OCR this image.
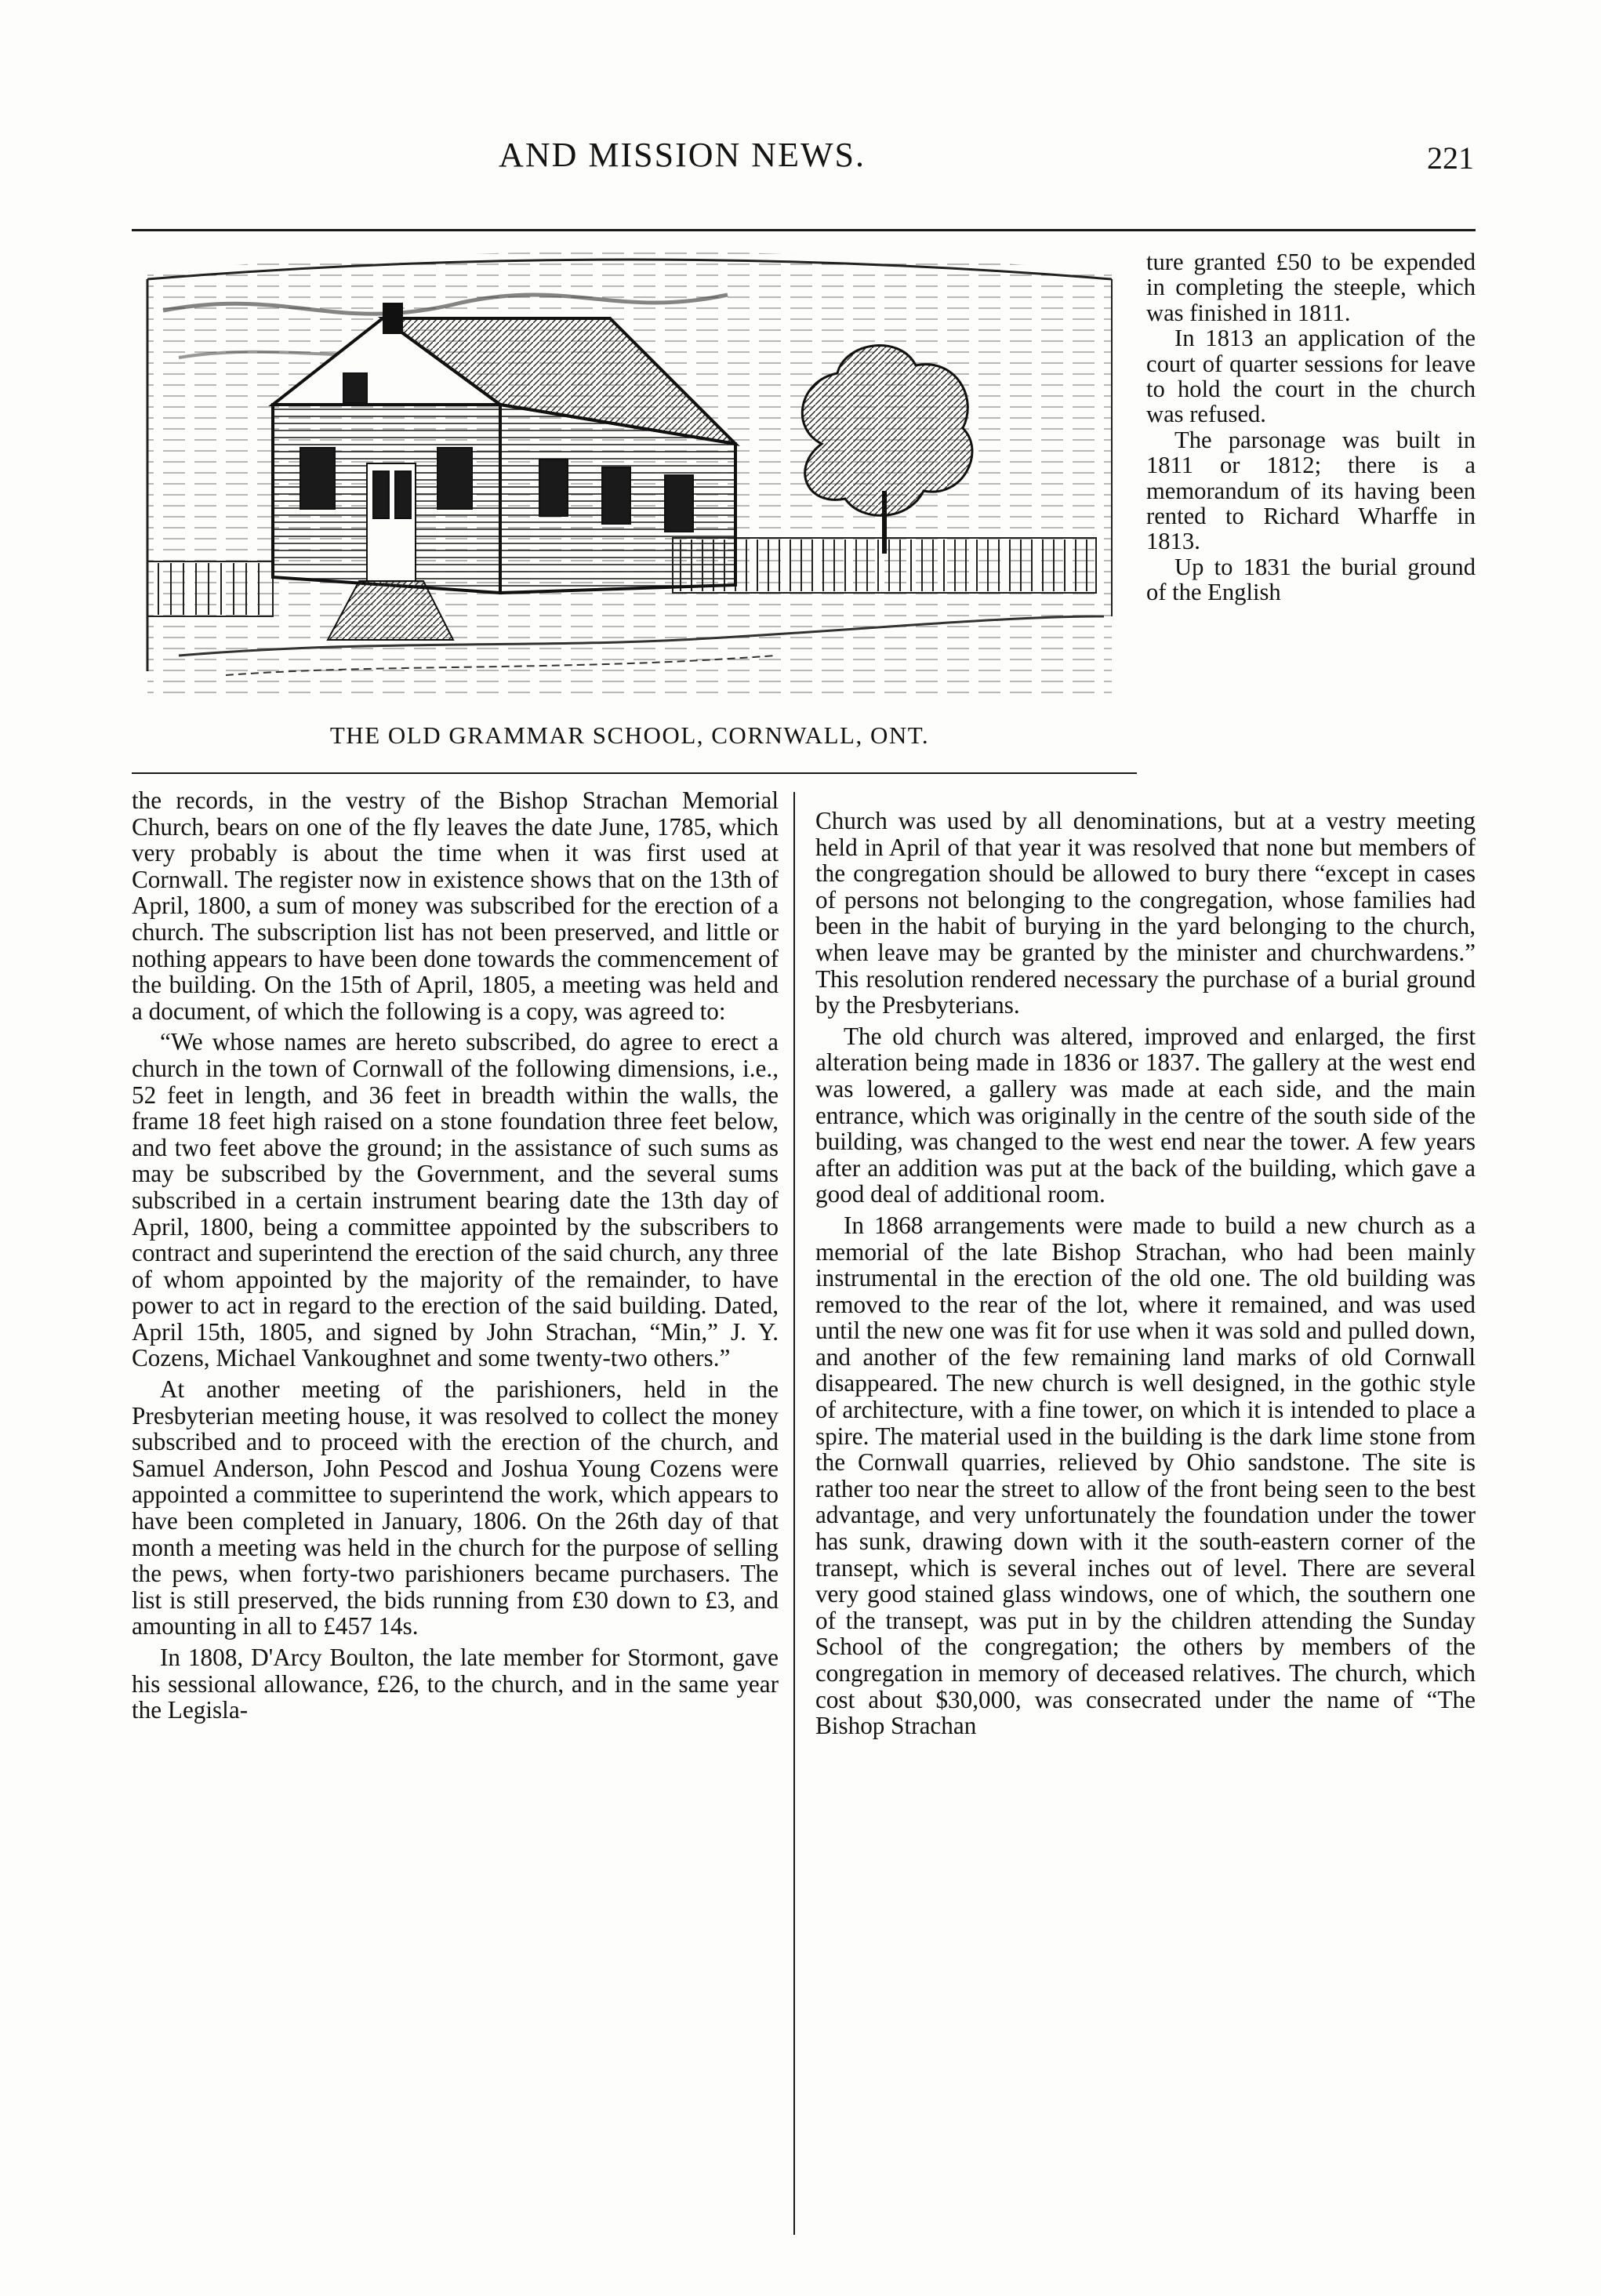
AND MISSION NEWS.	221
THE OLD GRAMMAR SCHOOL, CORNWALL, ONT.

ture granted £50 to be expended in completing the steeple, which was finished in 1811.

In 1813 an application of the court of quarter sessions for leave to hold the court in the church was refused.

The parsonage was built in 1811 or 1812; there is a memorandum of its having been rented to Richard Wharffe in 1813.

Up to 1831 the burial ground of the English

the records, in the vestry of the Bishop Strachan Memorial Church, bears on one of the fly leaves the date June, 1785, which very probably is about the time when it was first used at Cornwall. The register now in existence shows that on the 13th of April, 1800, a sum of money was subscribed for the erection of a church. The subscription list has not been preserved, and little or nothing appears to have been done towards the commencement of the building. On the 15th of April, 1805, a meeting was held and a document, of which the following is a copy, was agreed to:

“We whose names are hereto subscribed, do agree to erect a church in the town of Cornwall of the following dimensions, i.e., 52 feet in length, and 36 feet in breadth within the walls, the frame 18 feet high raised on a stone foundation three feet below, and two feet above the ground; in the assistance of such sums as may be subscribed by the Government, and the several sums subscribed in a certain instrument bearing date the 13th day of April, 1800, being a committee appointed by the subscribers to contract and superintend the erection of the said church, any three of whom appointed by the majority of the remainder, to have power to act in regard to the erection of the said building. Dated, April 15th, 1805, and signed by John Strachan, “Min,” J. Y. Cozens, Michael Vankoughnet and some twenty-two others.”

At another meeting of the parishioners, held in the Presbyterian meeting house, it was resolved to collect the money subscribed and to proceed with the erection of the church, and Samuel Anderson, John Pescod and Joshua Young Cozens were appointed a committee to superintend the work, which appears to have been completed in January, 1806. On the 26th day of that month a meeting was held in the church for the purpose of selling the pews, when forty-two parishioners became purchasers. The list is still preserved, the bids running from £30 down to £3, and amounting in all to £457 14s.

In 1808, D'Arcy Boulton, the late member for Stormont, gave his sessional allowance, £26, to the church, and in the same year the Legisla-

Church was used by all denominations, but at a vestry meeting held in April of that year it was resolved that none but members of the congregation should be allowed to bury there “except in cases of persons not belonging to the congregation, whose families had been in the habit of burying in the yard belonging to the church, when leave may be granted by the minister and churchwardens.” This resolution rendered necessary the purchase of a burial ground by the Presbyterians.

The old church was altered, improved and enlarged, the first alteration being made in 1836 or 1837. The gallery at the west end was lowered, a gallery was made at each side, and the main entrance, which was originally in the centre of the south side of the building, was changed to the west end near the tower. A few years after an addition was put at the back of the building, which gave a good deal of additional room.

In 1868 arrangements were made to build a new church as a memorial of the late Bishop Strachan, who had been mainly instrumental in the erection of the old one. The old building was removed to the rear of the lot, where it remained, and was used until the new one was fit for use when it was sold and pulled down, and another of the few remaining land marks of old Cornwall disappeared. The new church is well designed, in the gothic style of architecture, with a fine tower, on which it is intended to place a spire. The material used in the building is the dark lime stone from the Cornwall quarries, relieved by Ohio sandstone. The site is rather too near the street to allow of the front being seen to the best advantage, and very unfortunately the foundation under the tower has sunk, drawing down with it the south-eastern corner of the transept, which is several inches out of level. There are several very good stained glass windows, one of which, the southern one of the transept, was put in by the children attending the Sunday School of the congregation; the others by members of the congregation in memory of deceased relatives. The church, which cost about $30,000, was consecrated under the name of “The Bishop Strachan
